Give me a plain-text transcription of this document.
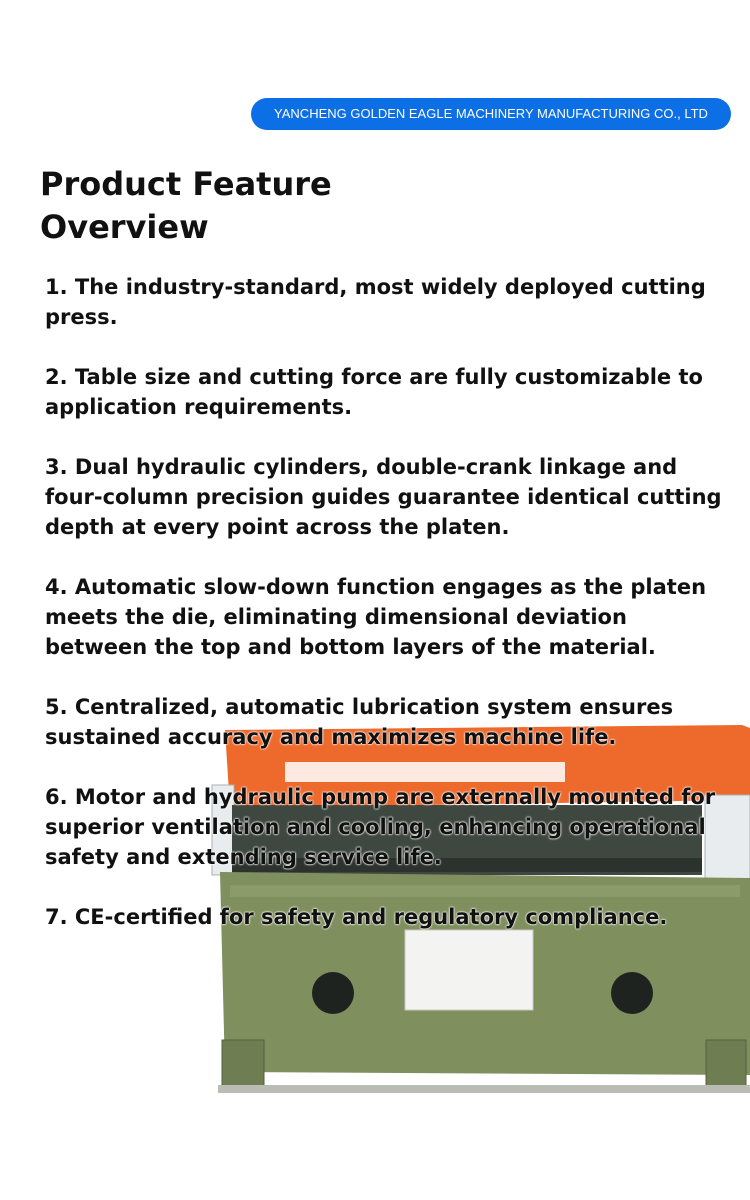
YANCHENG GOLDEN EAGLE MACHINERY MANUFACTURING CO., LTD
Product Feature Overview
1. The industry-standard, most widely deployed cutting press.
2. Table size and cutting force are fully customizable to application requirements.
3. Dual hydraulic cylinders, double-crank linkage and four-column precision guides guarantee identical cutting depth at every point across the platen.
4. Automatic slow-down function engages as the platen meets the die, eliminating dimensional deviation between the top and bottom layers of the material.
5. Centralized, automatic lubrication system ensures sustained accuracy and maximizes machine life.
6. Motor and hydraulic pump are externally mounted for superior ventilation and cooling, enhancing operational safety and extending service life.
7. CE-certified for safety and regulatory compliance.
